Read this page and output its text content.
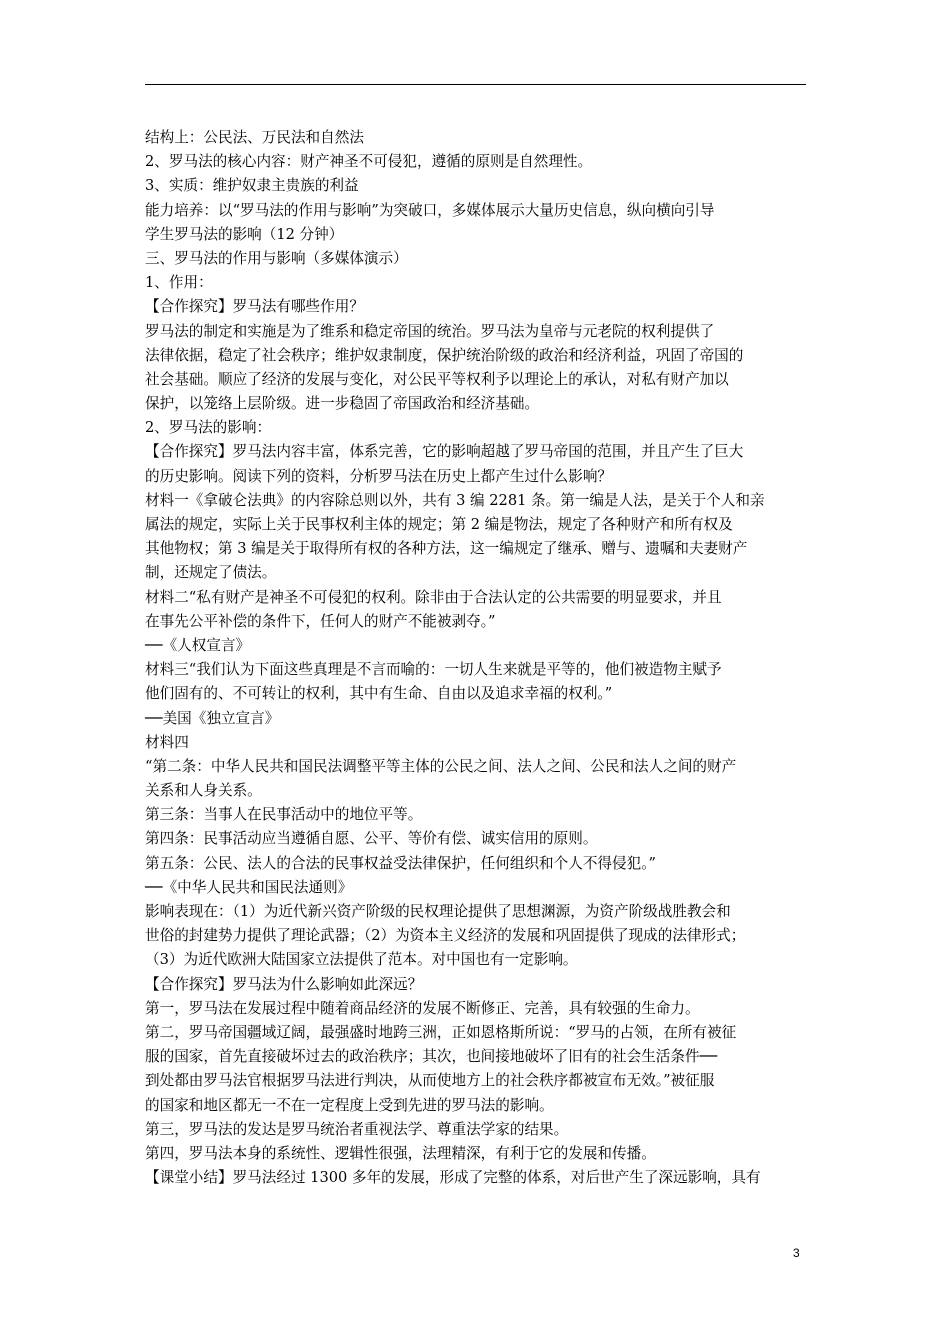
结构上：公民法、万民法和自然法
2、罗马法的核心内容：财产神圣不可侵犯，遵循的原则是自然理性。
3、实质：维护奴隶主贵族的利益
能力培养：以“罗马法的作用与影响”为突破口，多媒体展示大量历史信息，纵向横向引导
学生罗马法的影响（12 分钟）
三、罗马法的作用与影响（多媒体演示）
1、作用：
【合作探究】罗马法有哪些作用？
罗马法的制定和实施是为了维系和稳定帝国的统治。罗马法为皇帝与元老院的权利提供了
法律依据，稳定了社会秩序；维护奴隶制度，保护统治阶级的政治和经济利益，巩固了帝国的
社会基础。顺应了经济的发展与变化，对公民平等权利予以理论上的承认，对私有财产加以
保护，以笼络上层阶级。进一步稳固了帝国政治和经济基础。
2、罗马法的影响：
【合作探究】罗马法内容丰富，体系完善，它的影响超越了罗马帝国的范围，并且产生了巨大
的历史影响。阅读下列的资料，分析罗马法在历史上都产生过什么影响？
材料一《拿破仑法典》的内容除总则以外，共有 3 编 2281 条。第一编是人法，是关于个人和亲
属法的规定，实际上关于民事权利主体的规定；第 2 编是物法，规定了各种财产和所有权及
其他物权；第 3 编是关于取得所有权的各种方法，这一编规定了继承、赠与、遗嘱和夫妻财产
制，还规定了债法。
材料二“私有财产是神圣不可侵犯的权利。除非由于合法认定的公共需要的明显要求，并且
在事先公平补偿的条件下，任何人的财产不能被剥夺。”
──《人权宣言》
材料三“我们认为下面这些真理是不言而喻的：一切人生来就是平等的，他们被造物主赋予
他们固有的、不可转让的权利，其中有生命、自由以及追求幸福的权利。”
──美国《独立宣言》
材料四
“第二条：中华人民共和国民法调整平等主体的公民之间、法人之间、公民和法人之间的财产
关系和人身关系。
第三条：当事人在民事活动中的地位平等。
第四条：民事活动应当遵循自愿、公平、等价有偿、诚实信用的原则。
第五条：公民、法人的合法的民事权益受法律保护，任何组织和个人不得侵犯。”
──《中华人民共和国民法通则》
影响表现在：（1）为近代新兴资产阶级的民权理论提供了思想渊源，为资产阶级战胜教会和
世俗的封建势力提供了理论武器；（2）为资本主义经济的发展和巩固提供了现成的法律形式；
（3）为近代欧洲大陆国家立法提供了范本。对中国也有一定影响。
【合作探究】罗马法为什么影响如此深远？
第一，罗马法在发展过程中随着商品经济的发展不断修正、完善，具有较强的生命力。
第二，罗马帝国疆域辽阔，最强盛时地跨三洲，正如恩格斯所说：“罗马的占领，在所有被征
服的国家，首先直接破坏过去的政治秩序；其次，也间接地破坏了旧有的社会生活条件──
到处都由罗马法官根据罗马法进行判决，从而使地方上的社会秩序都被宣布无效。”被征服
的国家和地区都无一不在一定程度上受到先进的罗马法的影响。
第三，罗马法的发达是罗马统治者重视法学、尊重法学家的结果。
第四，罗马法本身的系统性、逻辑性很强，法理精深，有利于它的发展和传播。
【课堂小结】罗马法经过 1300 多年的发展，形成了完整的体系，对后世产生了深远影响，具有
3
